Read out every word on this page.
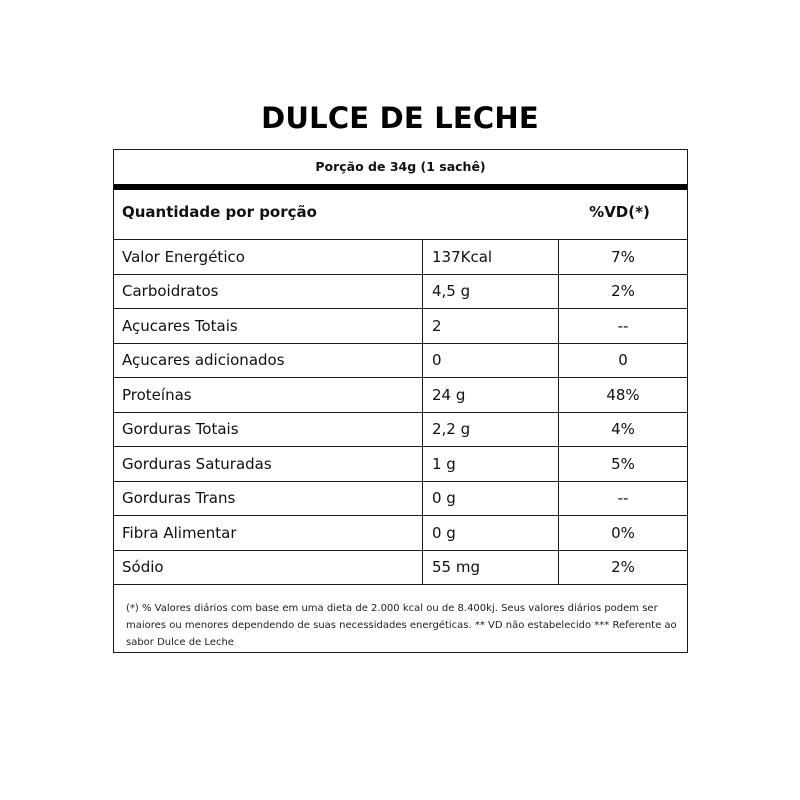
DULCE DE LECHE
Porção de 34g (1 sachê)
Quantidade por porção	%VD(*)
Valor Energético	137Kcal	7%
Carboidratos	4,5 g	2%
Açucares Totais	2	--
Açucares adicionados	0	0
Proteínas	24 g	48%
Gorduras Totais	2,2 g	4%
Gorduras Saturadas	1 g	5%
Gorduras Trans	0 g	--
Fibra Alimentar	0 g	0%
Sódio	55 mg	2%
(*) % Valores diários com base em uma dieta de 2.000 kcal ou de 8.400kj. Seus valores diários podem ser maiores ou menores dependendo de suas necessidades energéticas. ** VD não estabelecido *** Referente ao sabor Dulce de Leche
